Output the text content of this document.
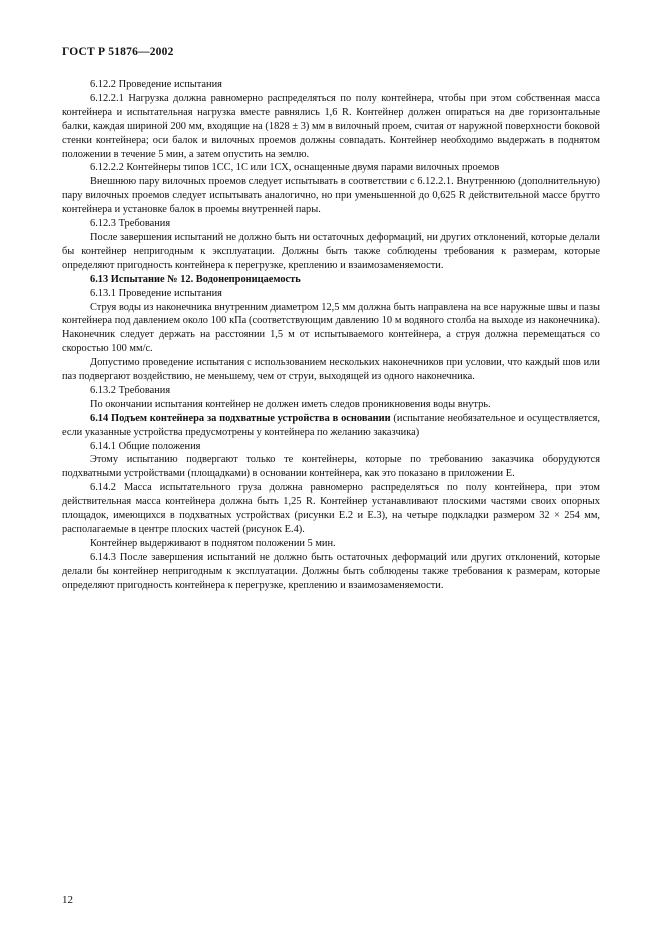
ГОСТ Р 51876—2002

6.12.2 Проведение испытания

6.12.2.1 Нагрузка должна равномерно распределяться по полу контейнера, чтобы при этом собственная масса контейнера и испытательная нагрузка вместе равнялись 1,6 R. Контейнер должен опираться на две горизонтальные балки, каждая шириной 200 мм, входящие на (1828 ± 3) мм в вилочный проем, считая от наружной поверхности боковой стенки контейнера; оси балок и вилочных проемов должны совпадать. Контейнер необходимо выдержать в поднятом положении в течение 5 мин, а затем опустить на землю.

6.12.2.2 Контейнеры типов 1СС, 1С или 1СХ, оснащенные двумя парами вилочных проемов

Внешнюю пару вилочных проемов следует испытывать в соответствии с 6.12.2.1. Внутреннюю (дополнительную) пару вилочных проемов следует испытывать аналогично, но при уменьшенной до 0,625 R действительной массе брутто контейнера и установке балок в проемы внутренней пары.

6.12.3 Требования

После завершения испытаний не должно быть ни остаточных деформаций, ни других отклонений, которые делали бы контейнер непригодным к эксплуатации. Должны быть также соблюдены требования к размерам, которые определяют пригодность контейнера к перегрузке, креплению и взаимозаменяемости.

6.13 Испытание № 12. Водонепроницаемость

6.13.1 Проведение испытания

Струя воды из наконечника внутренним диаметром 12,5 мм должна быть направлена на все наружные швы и пазы контейнера под давлением около 100 кПа (соответствующим давлению 10 м водяного столба на выходе из наконечника). Наконечник следует держать на расстоянии 1,5 м от испытываемого контейнера, а струя должна перемещаться со скоростью 100 мм/с.

Допустимо проведение испытания с использованием нескольких наконечников при условии, что каждый шов или паз подвергают воздействию, не меньшему, чем от струи, выходящей из одного наконечника.

6.13.2 Требования

По окончании испытания контейнер не должен иметь следов проникновения воды внутрь.

6.14 Подъем контейнера за подхватные устройства в основании (испытание необязательное и осуществляется, если указанные устройства предусмотрены у контейнера по желанию заказчика)

6.14.1 Общие положения

Этому испытанию подвергают только те контейнеры, которые по требованию заказчика оборудуются подхватными устройствами (площадками) в основании контейнера, как это показано в приложении Е.

6.14.2 Масса испытательного груза должна равномерно распределяться по полу контейнера, при этом действительная масса контейнера должна быть 1,25 R. Контейнер устанавливают плоскими частями своих опорных площадок, имеющихся в подхватных устройствах (рисунки Е.2 и Е.3), на четыре подкладки размером 32 × 254 мм, располагаемые в центре плоских частей (рисунок Е.4).

Контейнер выдерживают в поднятом положении 5 мин.

6.14.3 После завершения испытаний не должно быть остаточных деформаций или других отклонений, которые делали бы контейнер непригодным к эксплуатации. Должны быть соблюдены также требования к размерам, которые определяют пригодность контейнера к перегрузке, креплению и взаимозаменяемости.

12
